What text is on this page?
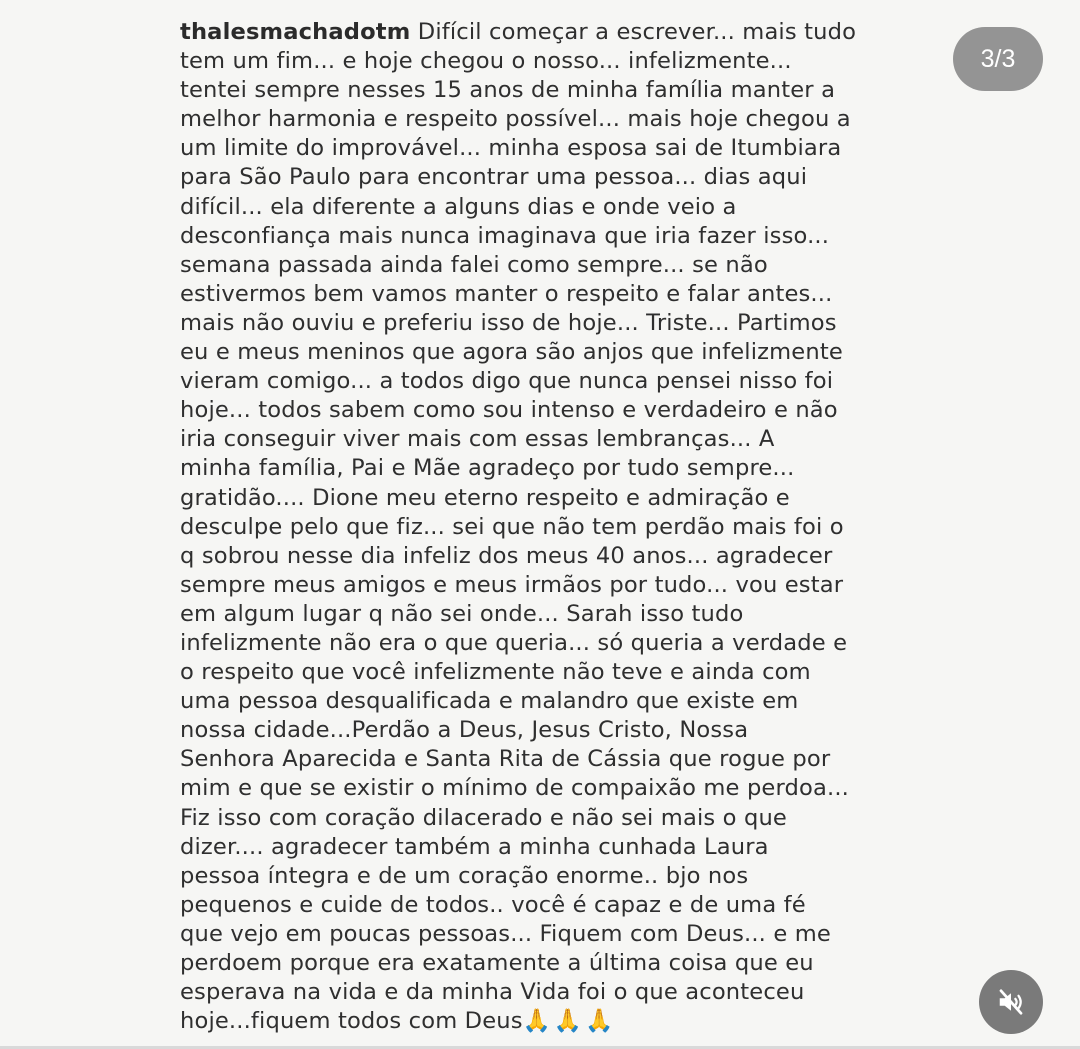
thalesmachadotm Difícil começar a escrever... mais tudo
tem um fim... e hoje chegou o nosso... infelizmente...
tentei sempre nesses 15 anos de minha família manter a
melhor harmonia e respeito possível... mais hoje chegou a
um limite do improvável... minha esposa sai de Itumbiara
para São Paulo para encontrar uma pessoa... dias aqui
difícil... ela diferente a alguns dias e onde veio a
desconfiança mais nunca imaginava que iria fazer isso...
semana passada ainda falei como sempre... se não
estivermos bem vamos manter o respeito e falar antes...
mais não ouviu e preferiu isso de hoje... Triste... Partimos
eu e meus meninos que agora são anjos que infelizmente
vieram comigo... a todos digo que nunca pensei nisso foi
hoje... todos sabem como sou intenso e verdadeiro e não
iria conseguir viver mais com essas lembranças... A
minha família, Pai e Mãe agradeço por tudo sempre...
gratidão.... Dione meu eterno respeito e admiração e
desculpe pelo que fiz... sei que não tem perdão mais foi o
q sobrou nesse dia infeliz dos meus 40 anos... agradecer
sempre meus amigos e meus irmãos por tudo... vou estar
em algum lugar q não sei onde... Sarah isso tudo
infelizmente não era o que queria... só queria a verdade e
o respeito que você infelizmente não teve e ainda com
uma pessoa desqualificada e malandro que existe em
nossa cidade...Perdão a Deus, Jesus Cristo, Nossa
Senhora Aparecida e Santa Rita de Cássia que rogue por
mim e que se existir o mínimo de compaixão me perdoa...
Fiz isso com coração dilacerado e não sei mais o que
dizer.... agradecer também a minha cunhada Laura
pessoa íntegra e de um coração enorme.. bjo nos
pequenos e cuide de todos.. você é capaz e de uma fé
que vejo em poucas pessoas... Fiquem com Deus... e me
perdoem porque era exatamente a última coisa que eu
esperava na vida e da minha Vida foi o que aconteceu
hoje...fiquem todos com Deus🙏🙏🙏

3/3
